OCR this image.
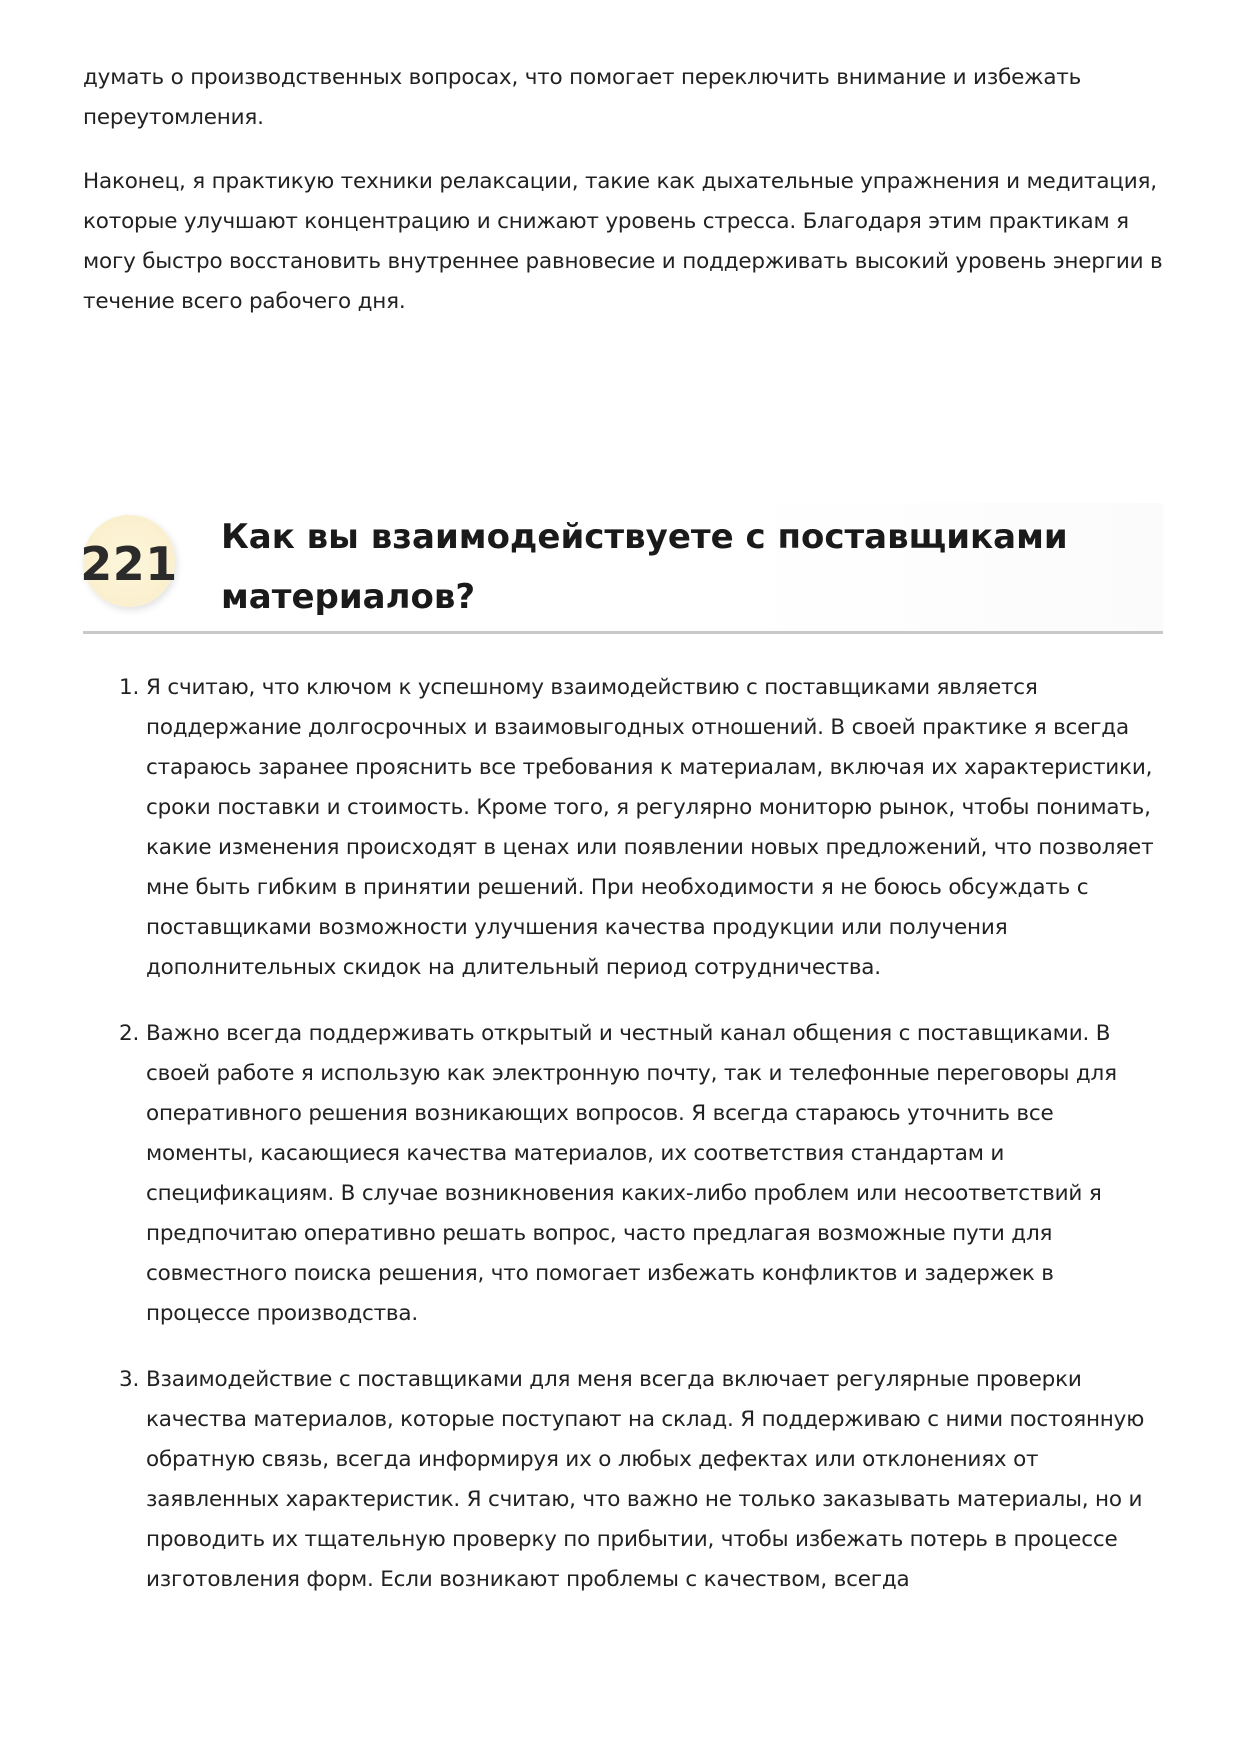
думать о производственных вопросах, что помогает переключить внимание и избежать переутомления.

Наконец, я практикую техники релаксации, такие как дыхательные упражнения и медитация, которые улучшают концентрацию и снижают уровень стресса. Благодаря этим практикам я могу быстро восстановить внутреннее равновесие и поддерживать высокий уровень энергии в течение всего рабочего дня.

221 Как вы взаимодействуете с поставщиками материалов?
1. Я считаю, что ключом к успешному взаимодействию с поставщиками является поддержание долгосрочных и взаимовыгодных отношений. В своей практике я всегда стараюсь заранее прояснить все требования к материалам, включая их характеристики, сроки поставки и стоимость. Кроме того, я регулярно мониторю рынок, чтобы понимать, какие изменения происходят в ценах или появлении новых предложений, что позволяет мне быть гибким в принятии решений. При необходимости я не боюсь обсуждать с поставщиками возможности улучшения качества продукции или получения дополнительных скидок на длительный период сотрудничества.
2. Важно всегда поддерживать открытый и честный канал общения с поставщиками. В своей работе я использую как электронную почту, так и телефонные переговоры для оперативного решения возникающих вопросов. Я всегда стараюсь уточнить все моменты, касающиеся качества материалов, их соответствия стандартам и спецификациям. В случае возникновения каких-либо проблем или несоответствий я предпочитаю оперативно решать вопрос, часто предлагая возможные пути для совместного поиска решения, что помогает избежать конфликтов и задержек в процессе производства.
3. Взаимодействие с поставщиками для меня всегда включает регулярные проверки качества материалов, которые поступают на склад. Я поддерживаю с ними постоянную обратную связь, всегда информируя их о любых дефектах или отклонениях от заявленных характеристик. Я считаю, что важно не только заказывать материалы, но и проводить их тщательную проверку по прибытии, чтобы избежать потерь в процессе изготовления форм. Если возникают проблемы с качеством, всегда
